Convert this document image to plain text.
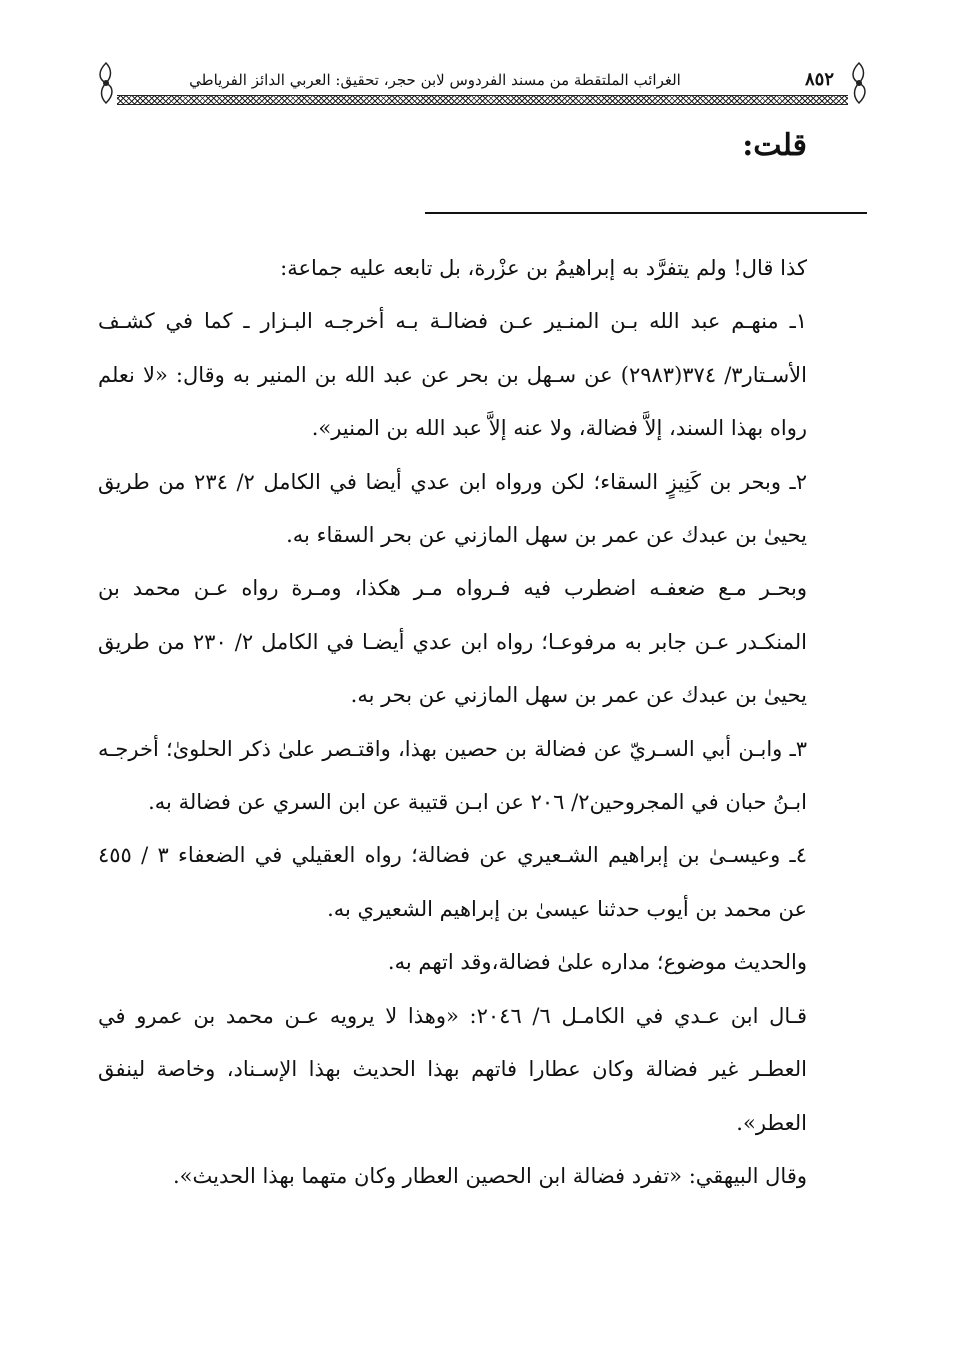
الغرائب الملتقطة من مسند الفردوس لابن حجر، تحقيق: العربي الدائز الفرياطي	٨٥٢
قلت:

كذا قال! ولم يتفرَّد به إبراهيمُ بن عزْرة، بل تابعه عليه جماعة:

١ـ منهـم عبد الله بـن المنـير عـن فضالـة بـه أخرجـه البـزار ـ كما في كشـف الأسـتار٣/ ٣٧٤(٢٩٨٣) عن سـهل بن بحر عن عبد الله بن المنير به وقال: «لا نعلم رواه بهذا السند، إلاَّ فضالة، ولا عنه إلاَّ عبد الله بن المنير».

٢ـ وبحر بن كَنِيزٍ السقاء؛ لكن ورواه ابن عدي أيضا في الكامل ٢/ ٢٣٤ من طريق يحيىٰ بن عبدك عن عمر بن سهل المازني عن بحر السقاء به.

وبحـر مـع ضعفـه اضطرب فيه فـرواه مـر هكذا، ومـرة رواه عـن محمد بن المنكـدر عـن جابر به مرفوعـا؛ رواه ابن عدي أيضـا في الكامل ٢/ ٢٣٠ من طريق يحيىٰ بن عبدك عن عمر بن سهل المازني عن بحر به.

٣ـ وابـن أبي السـريّ عن فضالة بن حصين بهذا، واقتـصر علىٰ ذكر الحلوىٰ؛ أخرجـه ابـنُ حبان في المجروحين٢/ ٢٠٦ عن ابـن قتيبة عن ابن السري عن فضالة به.

٤ـ وعيسـىٰ بن إبراهيم الشـعيري عن فضالة؛ رواه العقيلي في الضعفاء ٣ / ٤٥٥ عن محمد بن أيوب حدثنا عيسىٰ بن إبراهيم الشعيري به.

والحديث موضوع؛ مداره علىٰ فضالة،وقد اتهم به.

قـال ابن عـدي في الكامـل ٦/ ٢٠٤٦: «وهذا لا يرويه عـن محمد بن عمرو في العطـر غير فضالة وكان عطارا فاتهم بهذا الحديث بهذا الإسـناد، وخاصة لينفق العطر».

وقال البيهقي: «تفرد فضالة ابن الحصين العطار وكان متهما بهذا الحديث».
